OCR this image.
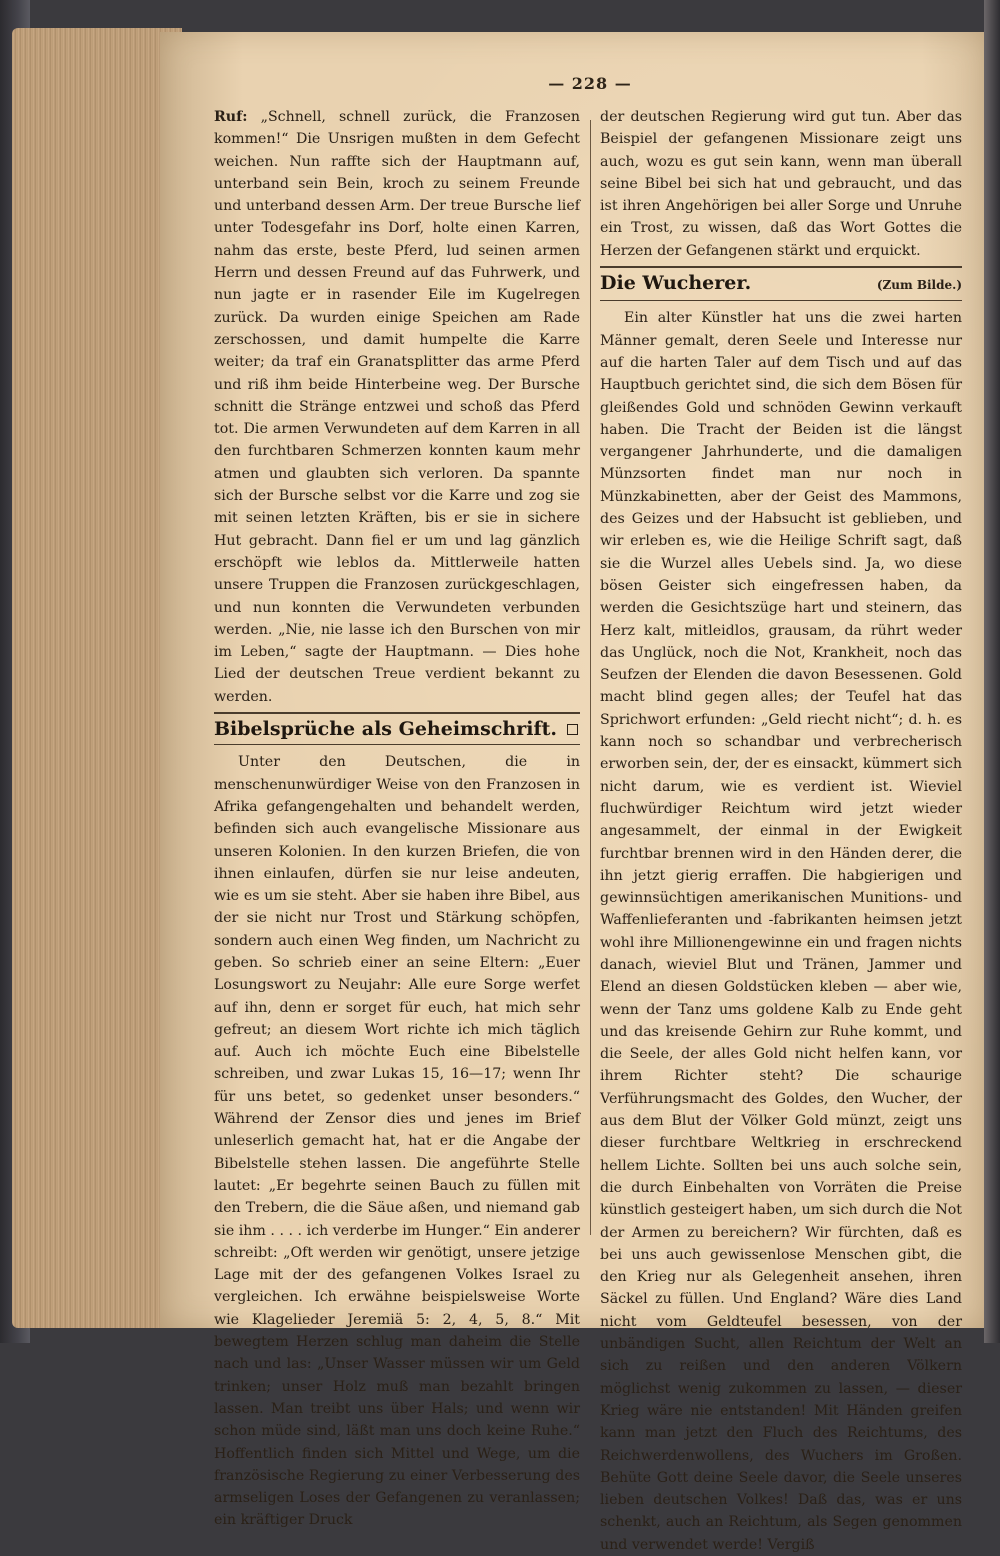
— 228 —

Ruf: „Schnell, schnell zurück, die Franzosen kommen!“ Die Unsrigen mußten in dem Gefecht weichen. Nun raffte sich der Hauptmann auf, unterband sein Bein, kroch zu seinem Freunde und unterband dessen Arm. Der treue Bursche lief unter Todesgefahr ins Dorf, holte einen Karren, nahm das erste, beste Pferd, lud seinen armen Herrn und dessen Freund auf das Fuhrwerk, und nun jagte er in rasender Eile im Kugelregen zurück. Da wurden einige Speichen am Rade zerschossen, und damit humpelte die Karre weiter; da traf ein Granatsplitter das arme Pferd und riß ihm beide Hinterbeine weg. Der Bursche schnitt die Stränge entzwei und schoß das Pferd tot. Die armen Verwundeten auf dem Karren in all den furchtbaren Schmerzen konnten kaum mehr atmen und glaubten sich verloren. Da spannte sich der Bursche selbst vor die Karre und zog sie mit seinen letzten Kräften, bis er sie in sichere Hut gebracht. Dann fiel er um und lag gänzlich erschöpft wie leblos da. Mittlerweile hatten unsere Truppen die Franzosen zurückgeschlagen, und nun konnten die Verwundeten verbunden werden. „Nie, nie lasse ich den Burschen von mir im Leben,“ sagte der Hauptmann. — Dies hohe Lied der deutschen Treue verdient bekannt zu werden.

Bibelsprüche als Geheimschrift.

Unter den Deutschen, die in menschenunwürdiger Weise von den Franzosen in Afrika gefangengehalten und behandelt werden, befinden sich auch evangelische Missionare aus unseren Kolonien. In den kurzen Briefen, die von ihnen einlaufen, dürfen sie nur leise andeuten, wie es um sie steht. Aber sie haben ihre Bibel, aus der sie nicht nur Trost und Stärkung schöpfen, sondern auch einen Weg finden, um Nachricht zu geben. So schrieb einer an seine Eltern: „Euer Losungswort zu Neujahr: Alle eure Sorge werfet auf ihn, denn er sorget für euch, hat mich sehr gefreut; an diesem Wort richte ich mich täglich auf. Auch ich möchte Euch eine Bibelstelle schreiben, und zwar Lukas 15, 16—17; wenn Ihr für uns betet, so gedenket unser besonders.“ Während der Zensor dies und jenes im Brief unleserlich gemacht hat, hat er die Angabe der Bibelstelle stehen lassen. Die angeführte Stelle lautet: „Er begehrte seinen Bauch zu füllen mit den Trebern, die die Säue aßen, und niemand gab sie ihm . . . . ich verderbe im Hunger.“ Ein anderer schreibt: „Oft werden wir genötigt, unsere jetzige Lage mit der des gefangenen Volkes Israel zu vergleichen. Ich erwähne beispielsweise Worte wie Klagelieder Jeremiä 5: 2, 4, 5, 8.“ Mit bewegtem Herzen schlug man daheim die Stelle nach und las: „Unser Wasser müssen wir um Geld trinken; unser Holz muß man bezahlt bringen lassen. Man treibt uns über Hals; und wenn wir schon müde sind, läßt man uns doch keine Ruhe.“ Hoffentlich finden sich Mittel und Wege, um die französische Regierung zu einer Verbesserung des armseligen Loses der Gefangenen zu veranlassen; ein kräftiger Druck

der deutschen Regierung wird gut tun. Aber das Beispiel der gefangenen Missionare zeigt uns auch, wozu es gut sein kann, wenn man überall seine Bibel bei sich hat und gebraucht, und das ist ihren Angehörigen bei aller Sorge und Unruhe ein Trost, zu wissen, daß das Wort Gottes die Herzen der Gefangenen stärkt und erquickt.

Die Wucherer.	(Zum Bilde.)

Ein alter Künstler hat uns die zwei harten Männer gemalt, deren Seele und Interesse nur auf die harten Taler auf dem Tisch und auf das Hauptbuch gerichtet sind, die sich dem Bösen für gleißendes Gold und schnöden Gewinn verkauft haben. Die Tracht der Beiden ist die längst vergangener Jahrhunderte, und die damaligen Münzsorten findet man nur noch in Münzkabinetten, aber der Geist des Mammons, des Geizes und der Habsucht ist geblieben, und wir erleben es, wie die Heilige Schrift sagt, daß sie die Wurzel alles Uebels sind. Ja, wo diese bösen Geister sich eingefressen haben, da werden die Gesichtszüge hart und steinern, das Herz kalt, mitleidlos, grausam, da rührt weder das Unglück, noch die Not, Krankheit, noch das Seufzen der Elenden die davon Besessenen. Gold macht blind gegen alles; der Teufel hat das Sprichwort erfunden: „Geld riecht nicht“; d. h. es kann noch so schandbar und verbrecherisch erworben sein, der, der es einsackt, kümmert sich nicht darum, wie es verdient ist. Wieviel fluchwürdiger Reichtum wird jetzt wieder angesammelt, der einmal in der Ewigkeit furchtbar brennen wird in den Händen derer, die ihn jetzt gierig erraffen. Die habgierigen und gewinnsüchtigen amerikanischen Munitions- und Waffenlieferanten und -fabrikanten heimsen jetzt wohl ihre Millionengewinne ein und fragen nichts danach, wieviel Blut und Tränen, Jammer und Elend an diesen Goldstücken kleben — aber wie, wenn der Tanz ums goldene Kalb zu Ende geht und das kreisende Gehirn zur Ruhe kommt, und die Seele, der alles Gold nicht helfen kann, vor ihrem Richter steht? Die schaurige Verführungsmacht des Goldes, den Wucher, der aus dem Blut der Völker Gold münzt, zeigt uns dieser furchtbare Weltkrieg in erschreckend hellem Lichte. Sollten bei uns auch solche sein, die durch Einbehalten von Vorräten die Preise künstlich gesteigert haben, um sich durch die Not der Armen zu bereichern? Wir fürchten, daß es bei uns auch gewissenlose Menschen gibt, die den Krieg nur als Gelegenheit ansehen, ihren Säckel zu füllen. Und England? Wäre dies Land nicht vom Geldteufel besessen, von der unbändigen Sucht, allen Reichtum der Welt an sich zu reißen und den anderen Völkern möglichst wenig zukommen zu lassen, — dieser Krieg wäre nie entstanden! Mit Händen greifen kann man jetzt den Fluch des Reichtums, des Reichwerdenwollens, des Wuchers im Großen. Behüte Gott deine Seele davor, die Seele unseres lieben deutschen Volkes! Daß das, was er uns schenkt, auch an Reichtum, als Segen genommen und verwendet werde! Vergiß
